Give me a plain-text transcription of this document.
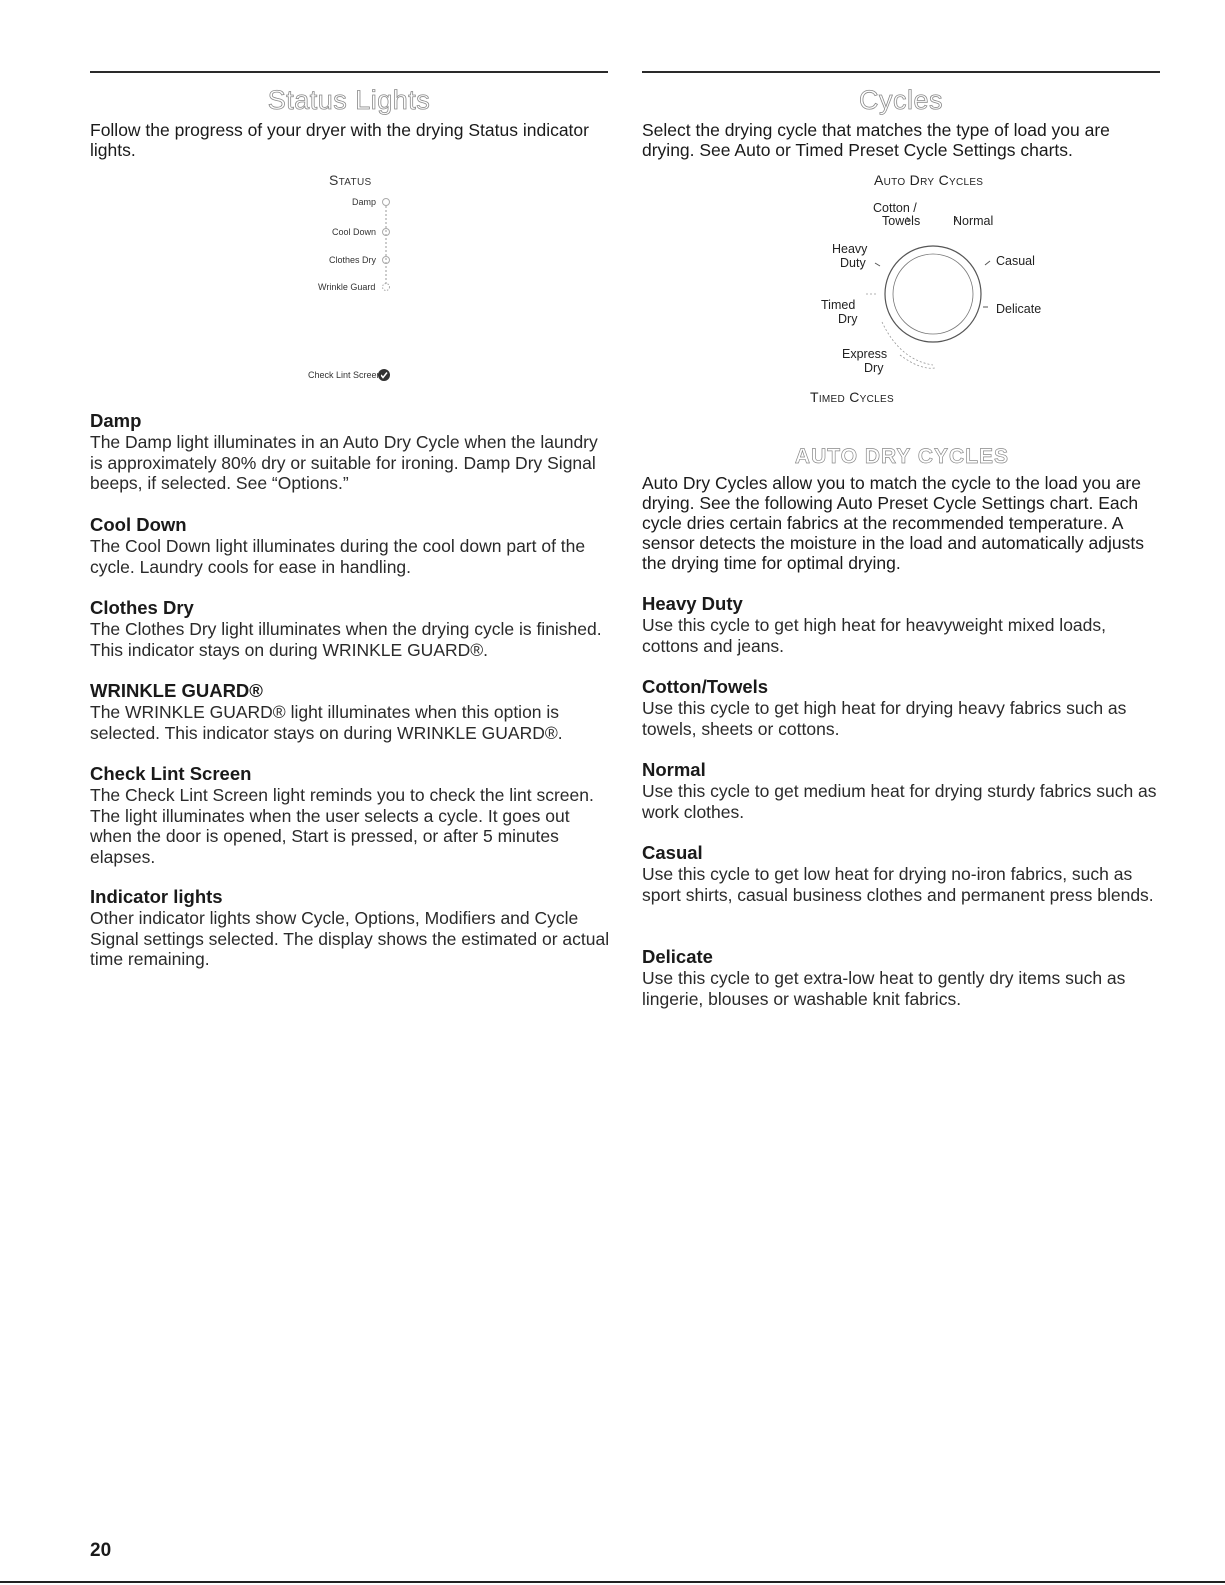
Status Lights

Follow the progress of your dryer with the drying Status indicator lights.

Status
Damp
Cool Down
Clothes Dry
Wrinkle Guard
Check Lint Screen
Damp

The Damp light illuminates in an Auto Dry Cycle when the laundry is approximately 80% dry or suitable for ironing. Damp Dry Signal beeps, if selected. See “Options.”

Cool Down

The Cool Down light illuminates during the cool down part of the cycle. Laundry cools for ease in handling.

Clothes Dry

The Clothes Dry light illuminates when the drying cycle is finished. This indicator stays on during WRINKLE GUARD®.

WRINKLE GUARD®

The WRINKLE GUARD® light illuminates when this option is selected. This indicator stays on during WRINKLE GUARD®.

Check Lint Screen

The Check Lint Screen light reminds you to check the lint screen. The light illuminates when the user selects a cycle. It goes out when the door is opened, Start is pressed, or after 5 minutes elapses.

Indicator lights

Other indicator lights show Cycle, Options, Modifiers and Cycle Signal settings selected. The display shows the estimated or actual time remaining.

Cycles

Select the drying cycle that matches the type of load you are drying. See Auto or Timed Preset Cycle Settings charts.

Auto Dry Cycles
Cotton /
Towels	Normal
Heavy
Duty	Casual
Timed
Dry
Delicate
Express
Dry
Timed Cycles
AUTO DRY CYCLES

Auto Dry Cycles allow you to match the cycle to the load you are drying. See the following Auto Preset Cycle Settings chart. Each cycle dries certain fabrics at the recommended temperature. A sensor detects the moisture in the load and automatically adjusts the drying time for optimal drying.

Heavy Duty

Use this cycle to get high heat for heavyweight mixed loads, cottons and jeans.

Cotton/Towels

Use this cycle to get high heat for drying heavy fabrics such as towels, sheets or cottons.

Normal

Use this cycle to get medium heat for drying sturdy fabrics such as work clothes.

Casual

Use this cycle to get low heat for drying no-iron fabrics, such as sport shirts, casual business clothes and permanent press blends.

Delicate

Use this cycle to get extra-low heat to gently dry items such as lingerie, blouses or washable knit fabrics.

20
